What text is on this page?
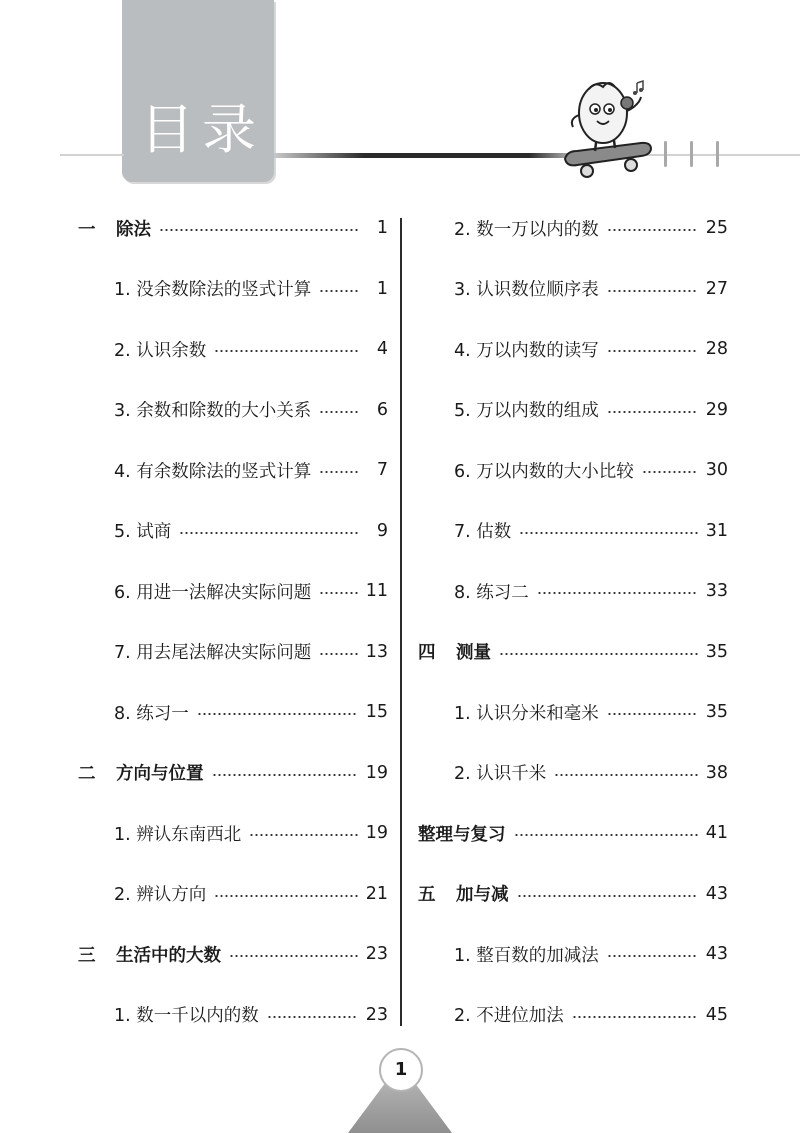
目录
一	除法	1
1. 没余数除法的竖式计算	1
2. 认识余数	4
3. 余数和除数的大小关系	6
4. 有余数除法的竖式计算	7
5. 试商	9
6. 用进一法解决实际问题	11
7. 用去尾法解决实际问题	13
8. 练习一	15
二	方向与位置	19
1. 辨认东南西北	19
2. 辨认方向	21
三	生活中的大数	23
1. 数一千以内的数	23
2. 数一万以内的数	25
3. 认识数位顺序表	27
4. 万以内数的读写	28
5. 万以内数的组成	29
6. 万以内数的大小比较	30
7. 估数	31
8. 练习二	33
四	测量	35
1. 认识分米和毫米	35
2. 认识千米	38
整理与复习	41
五	加与减	43
1. 整百数的加减法	43
2. 不进位加法	45
1
